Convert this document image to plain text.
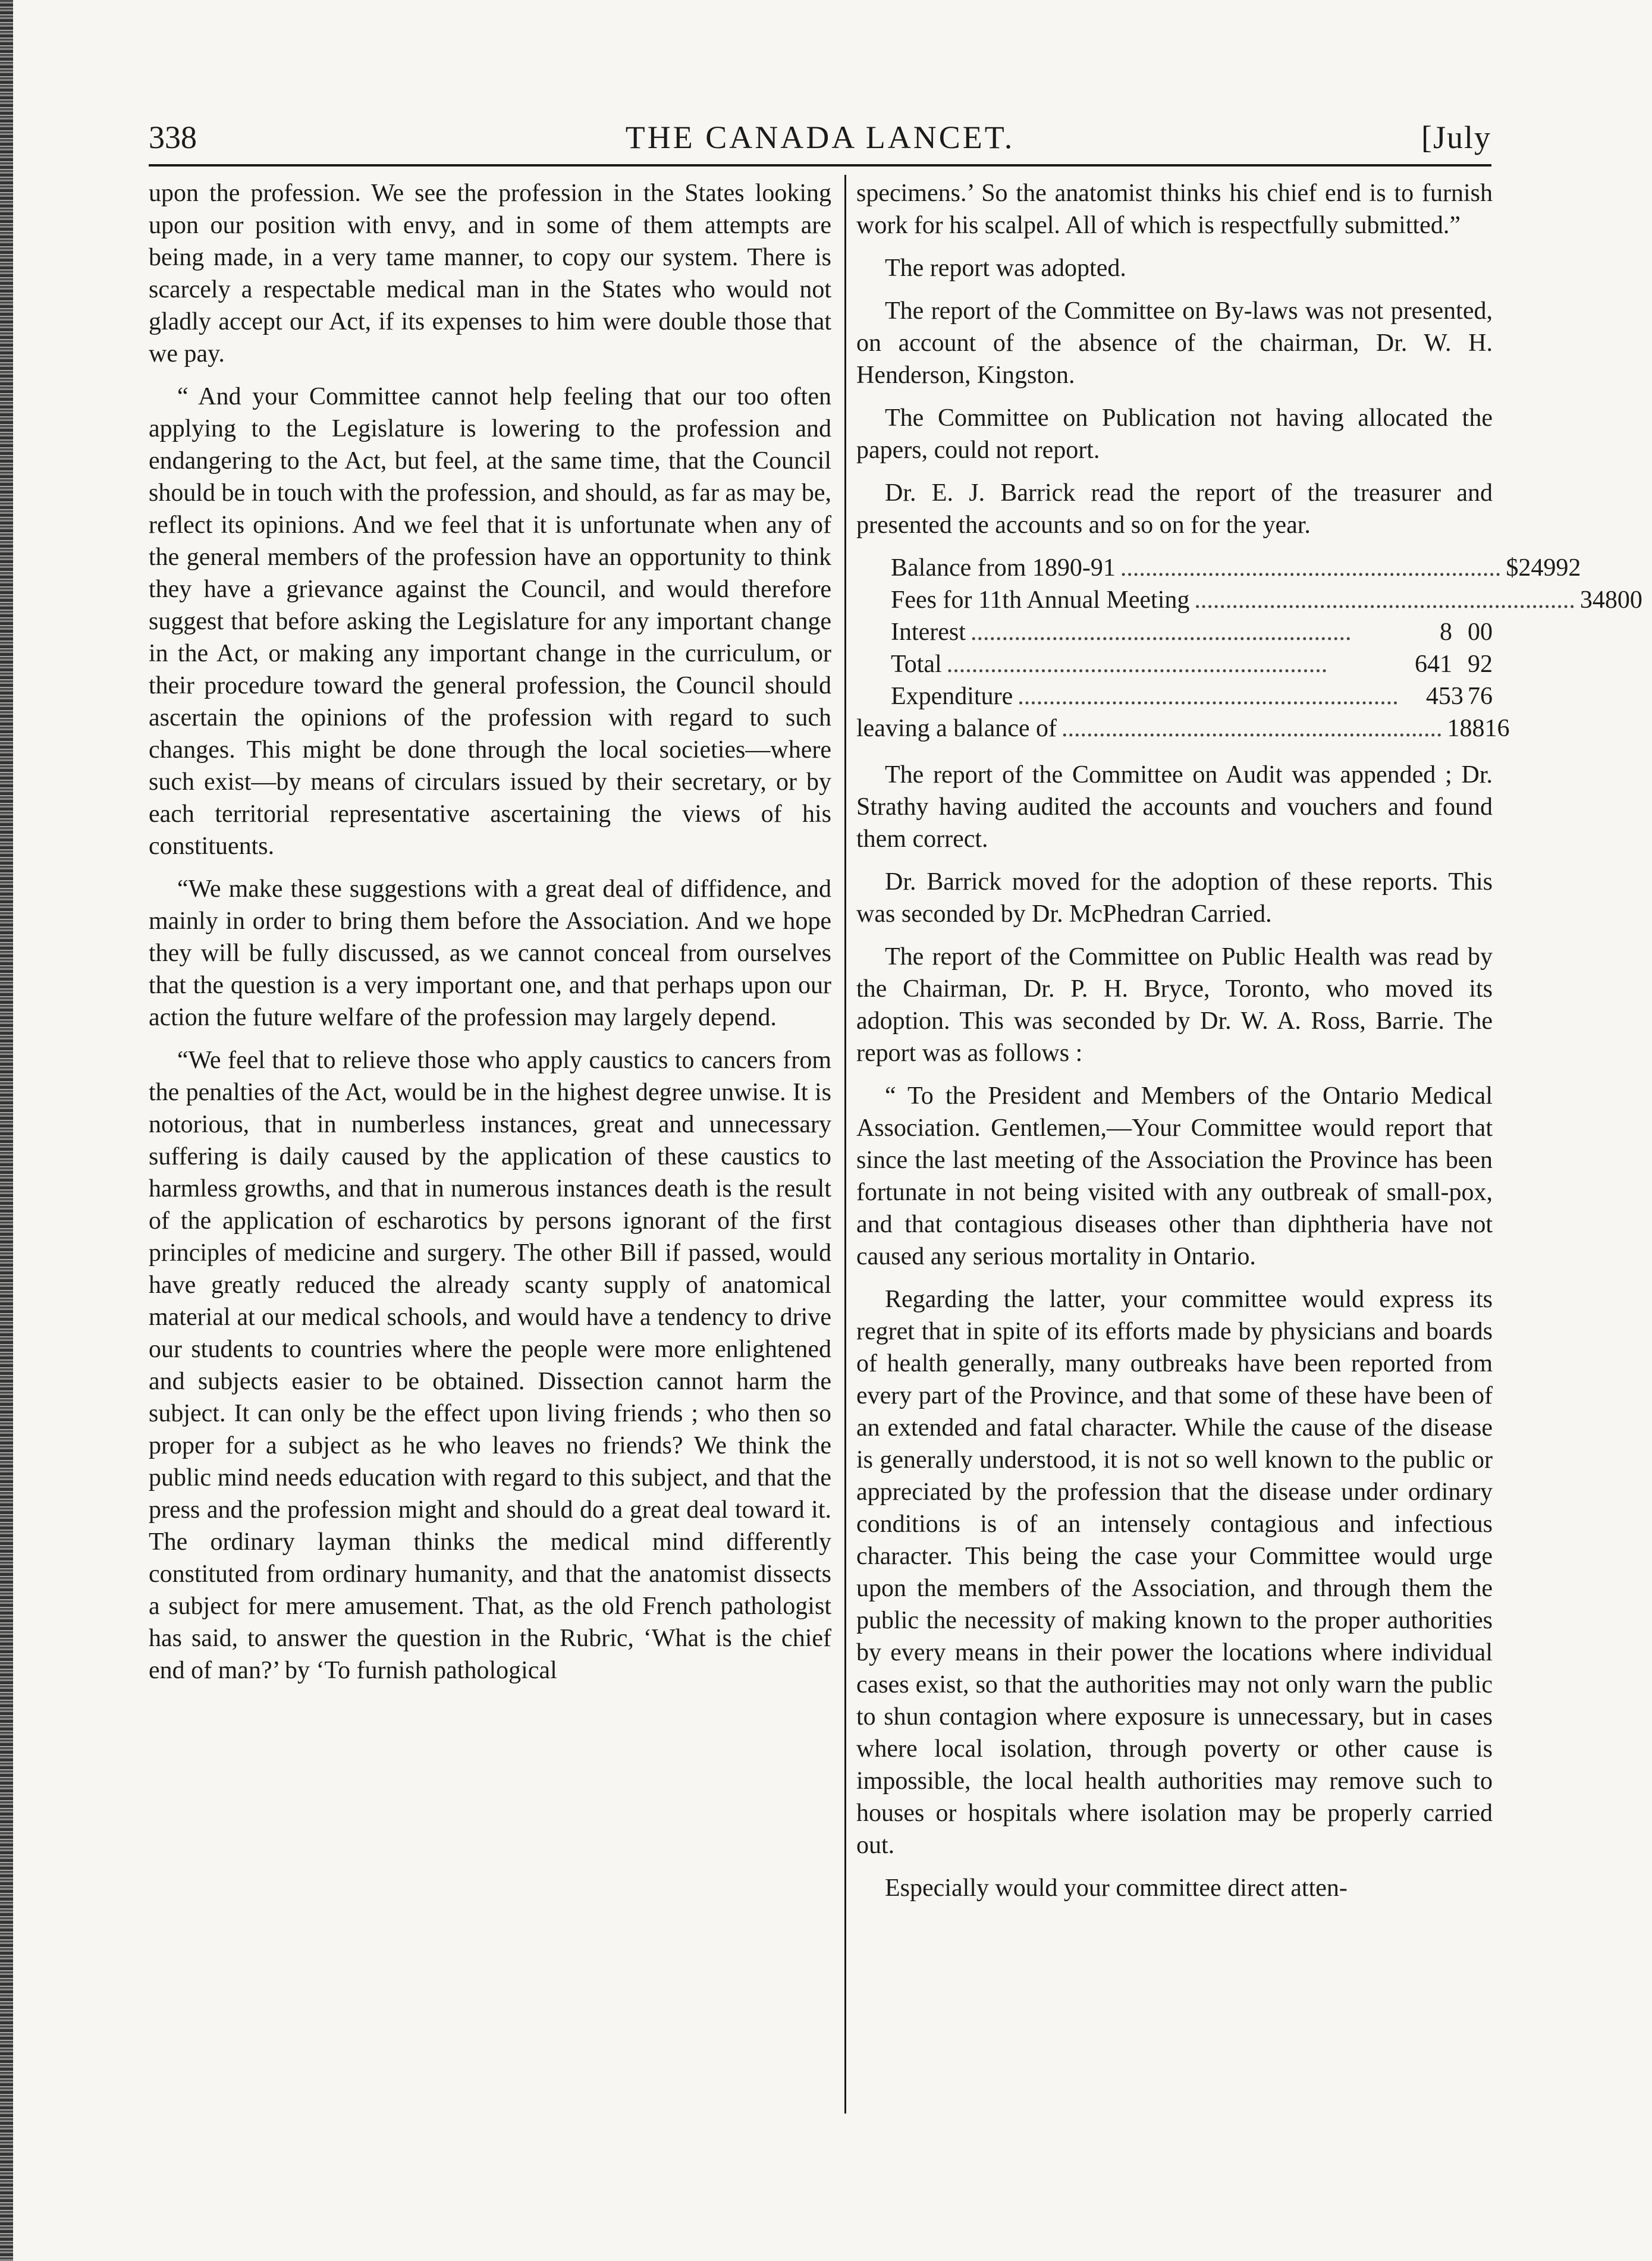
THE CANADA LANCET.
338	[July

upon the profession. We see the profession in the States looking upon our position with envy, and in some of them attempts are being made, in a very tame manner, to copy our system. There is scarcely a respectable medical man in the States who would not gladly accept our Act, if its expenses to him were double those that we pay.

“ And your Committee cannot help feeling that our too often applying to the Legislature is lowering to the profession and endangering to the Act, but feel, at the same time, that the Council should be in touch with the profession, and should, as far as may be, reflect its opinions. And we feel that it is unfortunate when any of the general members of the profession have an opportunity to think they have a grievance against the Council, and would therefore suggest that before asking the Legislature for any important change in the Act, or making any important change in the curriculum, or their procedure toward the general profession, the Council should ascertain the opinions of the profession with regard to such changes. This might be done through the local societies—where such exist—by means of circulars issued by their secretary, or by each territorial representative ascertaining the views of his constituents.

“We make these suggestions with a great deal of diffidence, and mainly in order to bring them before the Association. And we hope they will be fully discussed, as we cannot conceal from ourselves that the question is a very important one, and that perhaps upon our action the future welfare of the profession may largely depend.

“We feel that to relieve those who apply caustics to cancers from the penalties of the Act, would be in the highest degree unwise. It is notorious, that in numberless instances, great and unnecessary suffering is daily caused by the application of these caustics to harmless growths, and that in numerous instances death is the result of the application of escharotics by persons ignorant of the first principles of medicine and surgery. The other Bill if passed, would have greatly reduced the already scanty supply of anatomical material at our medical schools, and would have a tendency to drive our students to countries where the people were more enlightened and subjects easier to be obtained. Dissection cannot harm the subject. It can only be the effect upon living friends ; who then so proper for a subject as he who leaves no friends? We think the public mind needs education with regard to this subject, and that the press and the profession might and should do a great deal toward it. The ordinary layman thinks the medical mind differently constituted from ordinary humanity, and that the anatomist dissects a subject for mere amusement. That, as the old French pathologist has said, to answer the question in the Rubric, ‘What is the chief end of man?’ by ‘To furnish pathological

specimens.’ So the anatomist thinks his chief end is to furnish work for his scalpel. All of which is respectfully submitted.”

The report was adopted.

The report of the Committee on By-laws was not presented, on account of the absence of the chairman, Dr. W. H. Henderson, Kingston.

The Committee on Publication not having allocated the papers, could not report.

Dr. E. J. Barrick read the report of the treasurer and presented the accounts and so on for the year.

Balance from 1890-91 ............................................................. $249 92
Fees for 11th Annual Meeting ............................................................. 348 00
Interest .............................................................	8 00
Total .............................................................	641 92
Expenditure .............................................................	453 76
leaving a balance of ............................................................. 188 16

The report of the Committee on Audit was appended ; Dr. Strathy having audited the accounts and vouchers and found them correct.

Dr. Barrick moved for the adoption of these reports. This was seconded by Dr. McPhedran Carried.

The report of the Committee on Public Health was read by the Chairman, Dr. P. H. Bryce, Toronto, who moved its adoption. This was seconded by Dr. W. A. Ross, Barrie. The report was as follows :

“ To the President and Members of the Ontario Medical Association. Gentlemen,—Your Committee would report that since the last meeting of the Association the Province has been fortunate in not being visited with any outbreak of small-pox, and that contagious diseases other than diphtheria have not caused any serious mortality in Ontario.

Regarding the latter, your committee would express its regret that in spite of its efforts made by physicians and boards of health generally, many outbreaks have been reported from every part of the Province, and that some of these have been of an extended and fatal character. While the cause of the disease is generally understood, it is not so well known to the public or appreciated by the profession that the disease under ordinary conditions is of an intensely contagious and infectious character. This being the case your Committee would urge upon the members of the Association, and through them the public the necessity of making known to the proper authorities by every means in their power the locations where individual cases exist, so that the authorities may not only warn the public to shun contagion where exposure is unnecessary, but in cases where local isolation, through poverty or other cause is impossible, the local health authorities may remove such to houses or hospitals where isolation may be properly carried out.

Especially would your committee direct atten-
